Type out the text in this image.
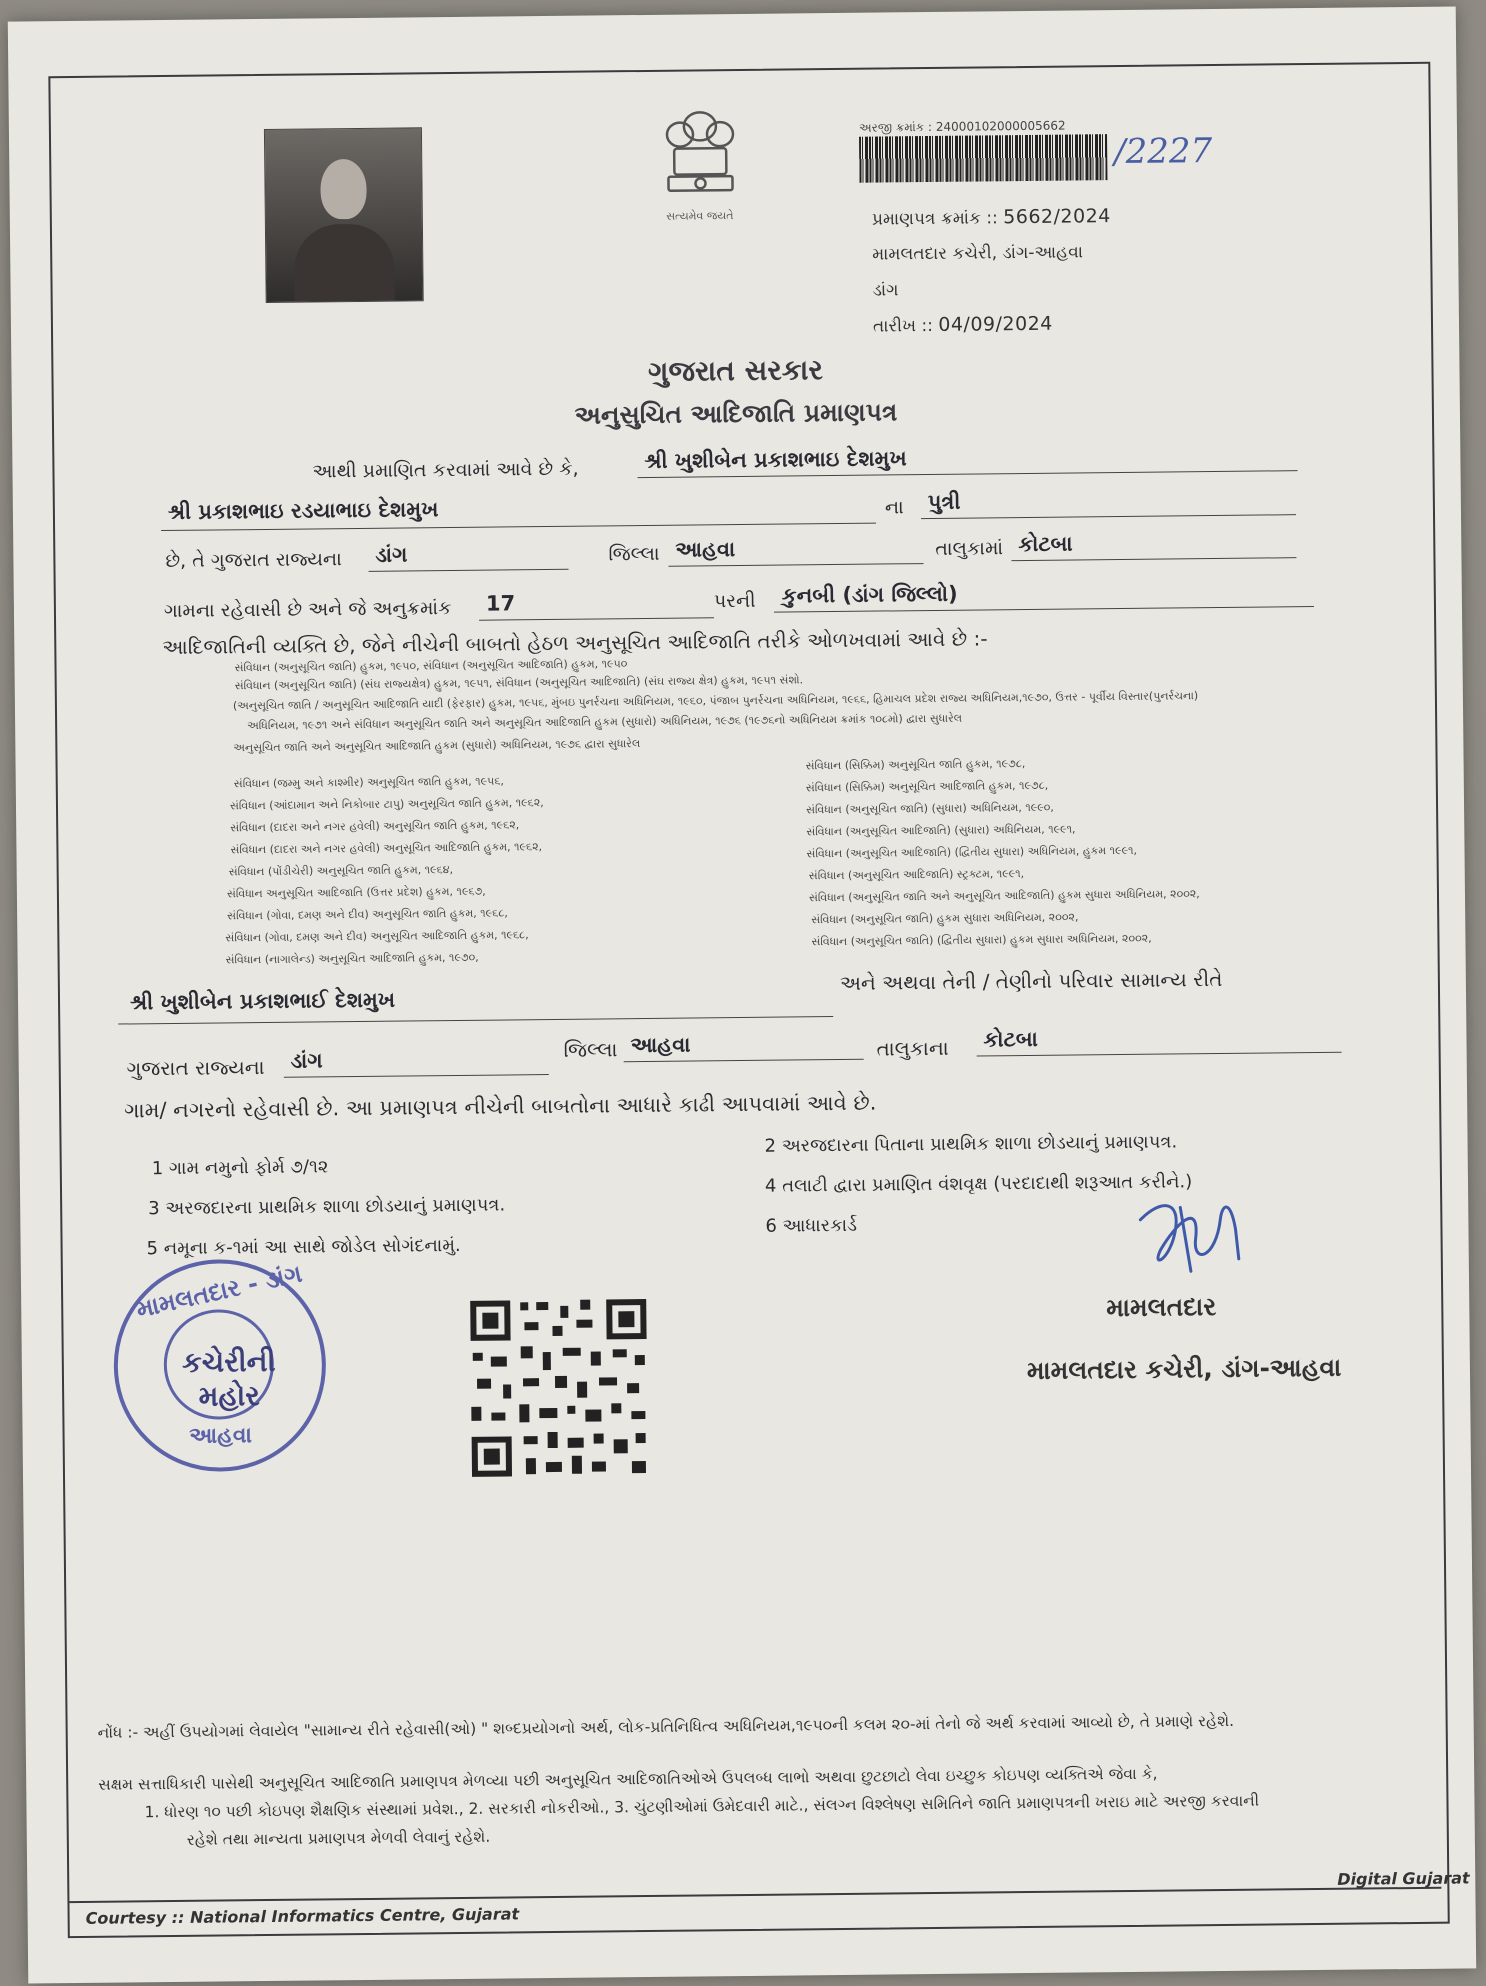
સત્યમેવ જયતે
અરજી ક્રમાંક : 24000102000005662
/2227
પ્રમાણપત્ર ક્રમાંક :: 5662/2024
મામલતદાર કચેરી, ડાંગ-આહવા
ડાંગ
તારીખ :: 04/09/2024
ગુજરાત સરકાર
અનુસુચિત આદિજાતિ પ્રમાણપત્ર
આથી પ્રમાણિત કરવામાં આવે છે કે,	શ્રી ખુશીબેન પ્રકાશભાઇ દેશમુખ
શ્રી પ્રકાશભાઇ રડયાભાઇ દેશમુખ	ના પુત્રી
છે, તે ગુજરાત રાજ્યના ડાંગ	જિલ્લા આહવા	તાલુકામાં કોટબા
ગામના રહેવાસી છે અને જે અનુક્રમાંક 17	પરની કુનબી (ડાંગ જિલ્લો)
આદિજાતિની વ્યક્તિ છે, જેને નીચેની બાબતો હેઠળ અનુસૂચિત આદિજાતિ તરીકે ઓળખવામાં આવે છે :-
સંવિધાન (અનુસૂચિત જાતિ) હુકમ, ૧૯૫૦, સંવિધાન (અનુસૂચિત આદિજાતિ) હુકમ, ૧૯૫૦
સંવિધાન (અનુસૂચિત જાતિ) (સંઘ રાજ્યક્ષેત્ર) હુકમ, ૧૯૫૧, સંવિધાન (અનુસૂચિત આદિજાતિ) (સંઘ રાજ્ય ક્ષેત્ર) હુકમ, ૧૯૫૧ સંશો.
(અનુસૂચિત જાતિ / અનુસૂચિત આદિજાતિ યાદી (ફેરફાર) હુકમ, ૧૯૫૬, મુંબઇ પુનર્રચના અધિનિયમ, ૧૯૬૦, પંજાબ પુનર્રચના અધિનિયમ, ૧૯૬૬, હિમાચલ પ્રદેશ રાજ્ય અધિનિયમ,૧૯૭૦, ઉત્તર - પૂર્વીય વિસ્તાર(પુનર્રચના)
અધિનિયમ, ૧૯૭૧ અને સંવિધાન અનુસૂચિત જાતિ અને અનુસૂચિત આદિજાતિ હુકમ (સુધારો) અધિનિયમ, ૧૯૭૬ (૧૯૭૬નો અધિનિયમ ક્રમાંક ૧૦૮મો) દ્વારા સુધારેલ
અનુસૂચિત જાતિ અને અનુસૂચિત આદિજાતિ હુકમ (સુધારો) અધિનિયમ, ૧૯૭૬ દ્વારા સુધારેલ
સંવિધાન (જમ્મુ અને કાશ્મીર) અનુસૂચિત જાતિ હુકમ, ૧૯૫૬,
સંવિધાન (આંદામાન અને નિકોબાર ટાપુ) અનુસૂચિત જાતિ હુકમ, ૧૯૬૨,
સંવિધાન (દાદરા અને નગર હવેલી) અનુસૂચિત જાતિ હુકમ, ૧૯૬૨,
સંવિધાન (દાદરા અને નગર હવેલી) અનુસૂચિત આદિજાતિ હુકમ, ૧૯૬૨,
સંવિધાન (પોંડીચેરી) અનુસૂચિત જાતિ હુકમ, ૧૯૬૪,
સંવિધાન અનુસૂચિત આદિજાતિ (ઉત્તર પ્રદેશ) હુકમ, ૧૯૬૭,
સંવિધાન (ગોવા, દમણ અને દીવ) અનુસૂચિત જાતિ હુકમ, ૧૯૬૮,
સંવિધાન (ગોવા, દમણ અને દીવ) અનુસૂચિત આદિજાતિ હુકમ, ૧૯૬૮,
સંવિધાન (નાગાલેન્ડ) અનુસૂચિત આદિજાતિ હુકમ, ૧૯૭૦,
સંવિધાન (સિક્કિમ) અનુસૂચિત જાતિ હુકમ, ૧૯૭૮,
સંવિધાન (સિક્કિમ) અનુસૂચિત આદિજાતિ હુકમ, ૧૯૭૮,
સંવિધાન (અનુસૂચિત જાતિ) (સુધારા) અધિનિયમ, ૧૯૯૦,
સંવિધાન (અનુસૂચિત આદિજાતિ) (સુધારા) અધિનિયમ, ૧૯૯૧,
સંવિધાન (અનુસૂચિત આદિજાતિ) (દ્વિતીય સુધારા) અધિનિયમ, હુકમ ૧૯૯૧,
સંવિધાન (અનુસૂચિત આદિજાતિ) સ્ટ્રક્ટમ, ૧૯૯૧,
સંવિધાન (અનુસૂચિત જાતિ અને અનુસૂચિત આદિજાતિ) હુકમ સુધારા અધિનિયમ, ૨૦૦૨,
સંવિધાન (અનુસૂચિત જાતિ) હુકમ સુધારા અધિનિયમ, ૨૦૦૨,
સંવિધાન (અનુસૂચિત જાતિ) (દ્વિતીય સુધારા) હુકમ સુધારા અધિનિયમ, ૨૦૦૨,
અને અથવા તેની / તેણીનો પરિવાર સામાન્ય રીતે
શ્રી ખુશીબેન પ્રકાશભાઈ દેશમુખ
ગુજરાત રાજ્યના ડાંગ	જિલ્લા આહવા	તાલુકાના કોટબા
ગામ/ નગરનો રહેવાસી છે. આ પ્રમાણપત્ર નીચેની બાબતોના આધારે કાઢી આપવામાં આવે છે.
1 ગામ નમુનો ફોર્મ ૭/૧૨
2 અરજદારના પિતાના પ્રાથમિક શાળા છોડયાનું પ્રમાણપત્ર.
3 અરજદારના પ્રાથમિક શાળા છોડયાનું પ્રમાણપત્ર.
4 તલાટી દ્વારા પ્રમાણિત વંશવૃક્ષ (પરદાદાથી શરૂઆત કરીને.)
5 નમૂના ક-૧માં આ સાથે જોડેલ સોગંદનામું.
6 આધારકાર્ડ
મામલતદાર
મામલતદાર કચેરી, ડાંગ-આહવા
મામલતદાર - ડાંગ
કચેરીની મહોર
આહવા
નોંધ :- અહીં ઉપયોગમાં લેવાયેલ "સામાન્ય રીતે રહેવાસી(ઓ) " શબ્દપ્રયોગનો અર્થ, લોક-પ્રતિનિધિત્વ અધિનિયમ,૧૯૫૦ની કલમ ૨૦-માં તેનો જે અર્થ કરવામાં આવ્યો છે, તે પ્રમાણે રહેશે.
સક્ષમ સત્તાધિકારી પાસેથી અનુસૂચિત આદિજાતિ પ્રમાણપત્ર મેળવ્યા પછી અનુસૂચિત આદિજાતિઓએ ઉપલબ્ધ લાભો અથવા છુટછાટો લેવા ઇચ્છુક કોઇપણ વ્યક્તિએ જેવા કે,
1. ધોરણ ૧૦ પછી કોઇપણ શૈક્ષણિક સંસ્થામાં પ્રવેશ., 2. સરકારી નોકરીઓ., 3. ચુંટણીઓમાં ઉમેદવારી માટે., સંલગ્ન વિશ્લેષણ સમિતિને જાતિ પ્રમાણપત્રની ખરાઇ માટે અરજી કરવાની
રહેશે તથા માન્યતા પ્રમાણપત્ર મેળવી લેવાનું રહેશે.
Courtesy :: National Informatics Centre, Gujarat
Digital Gujarat
